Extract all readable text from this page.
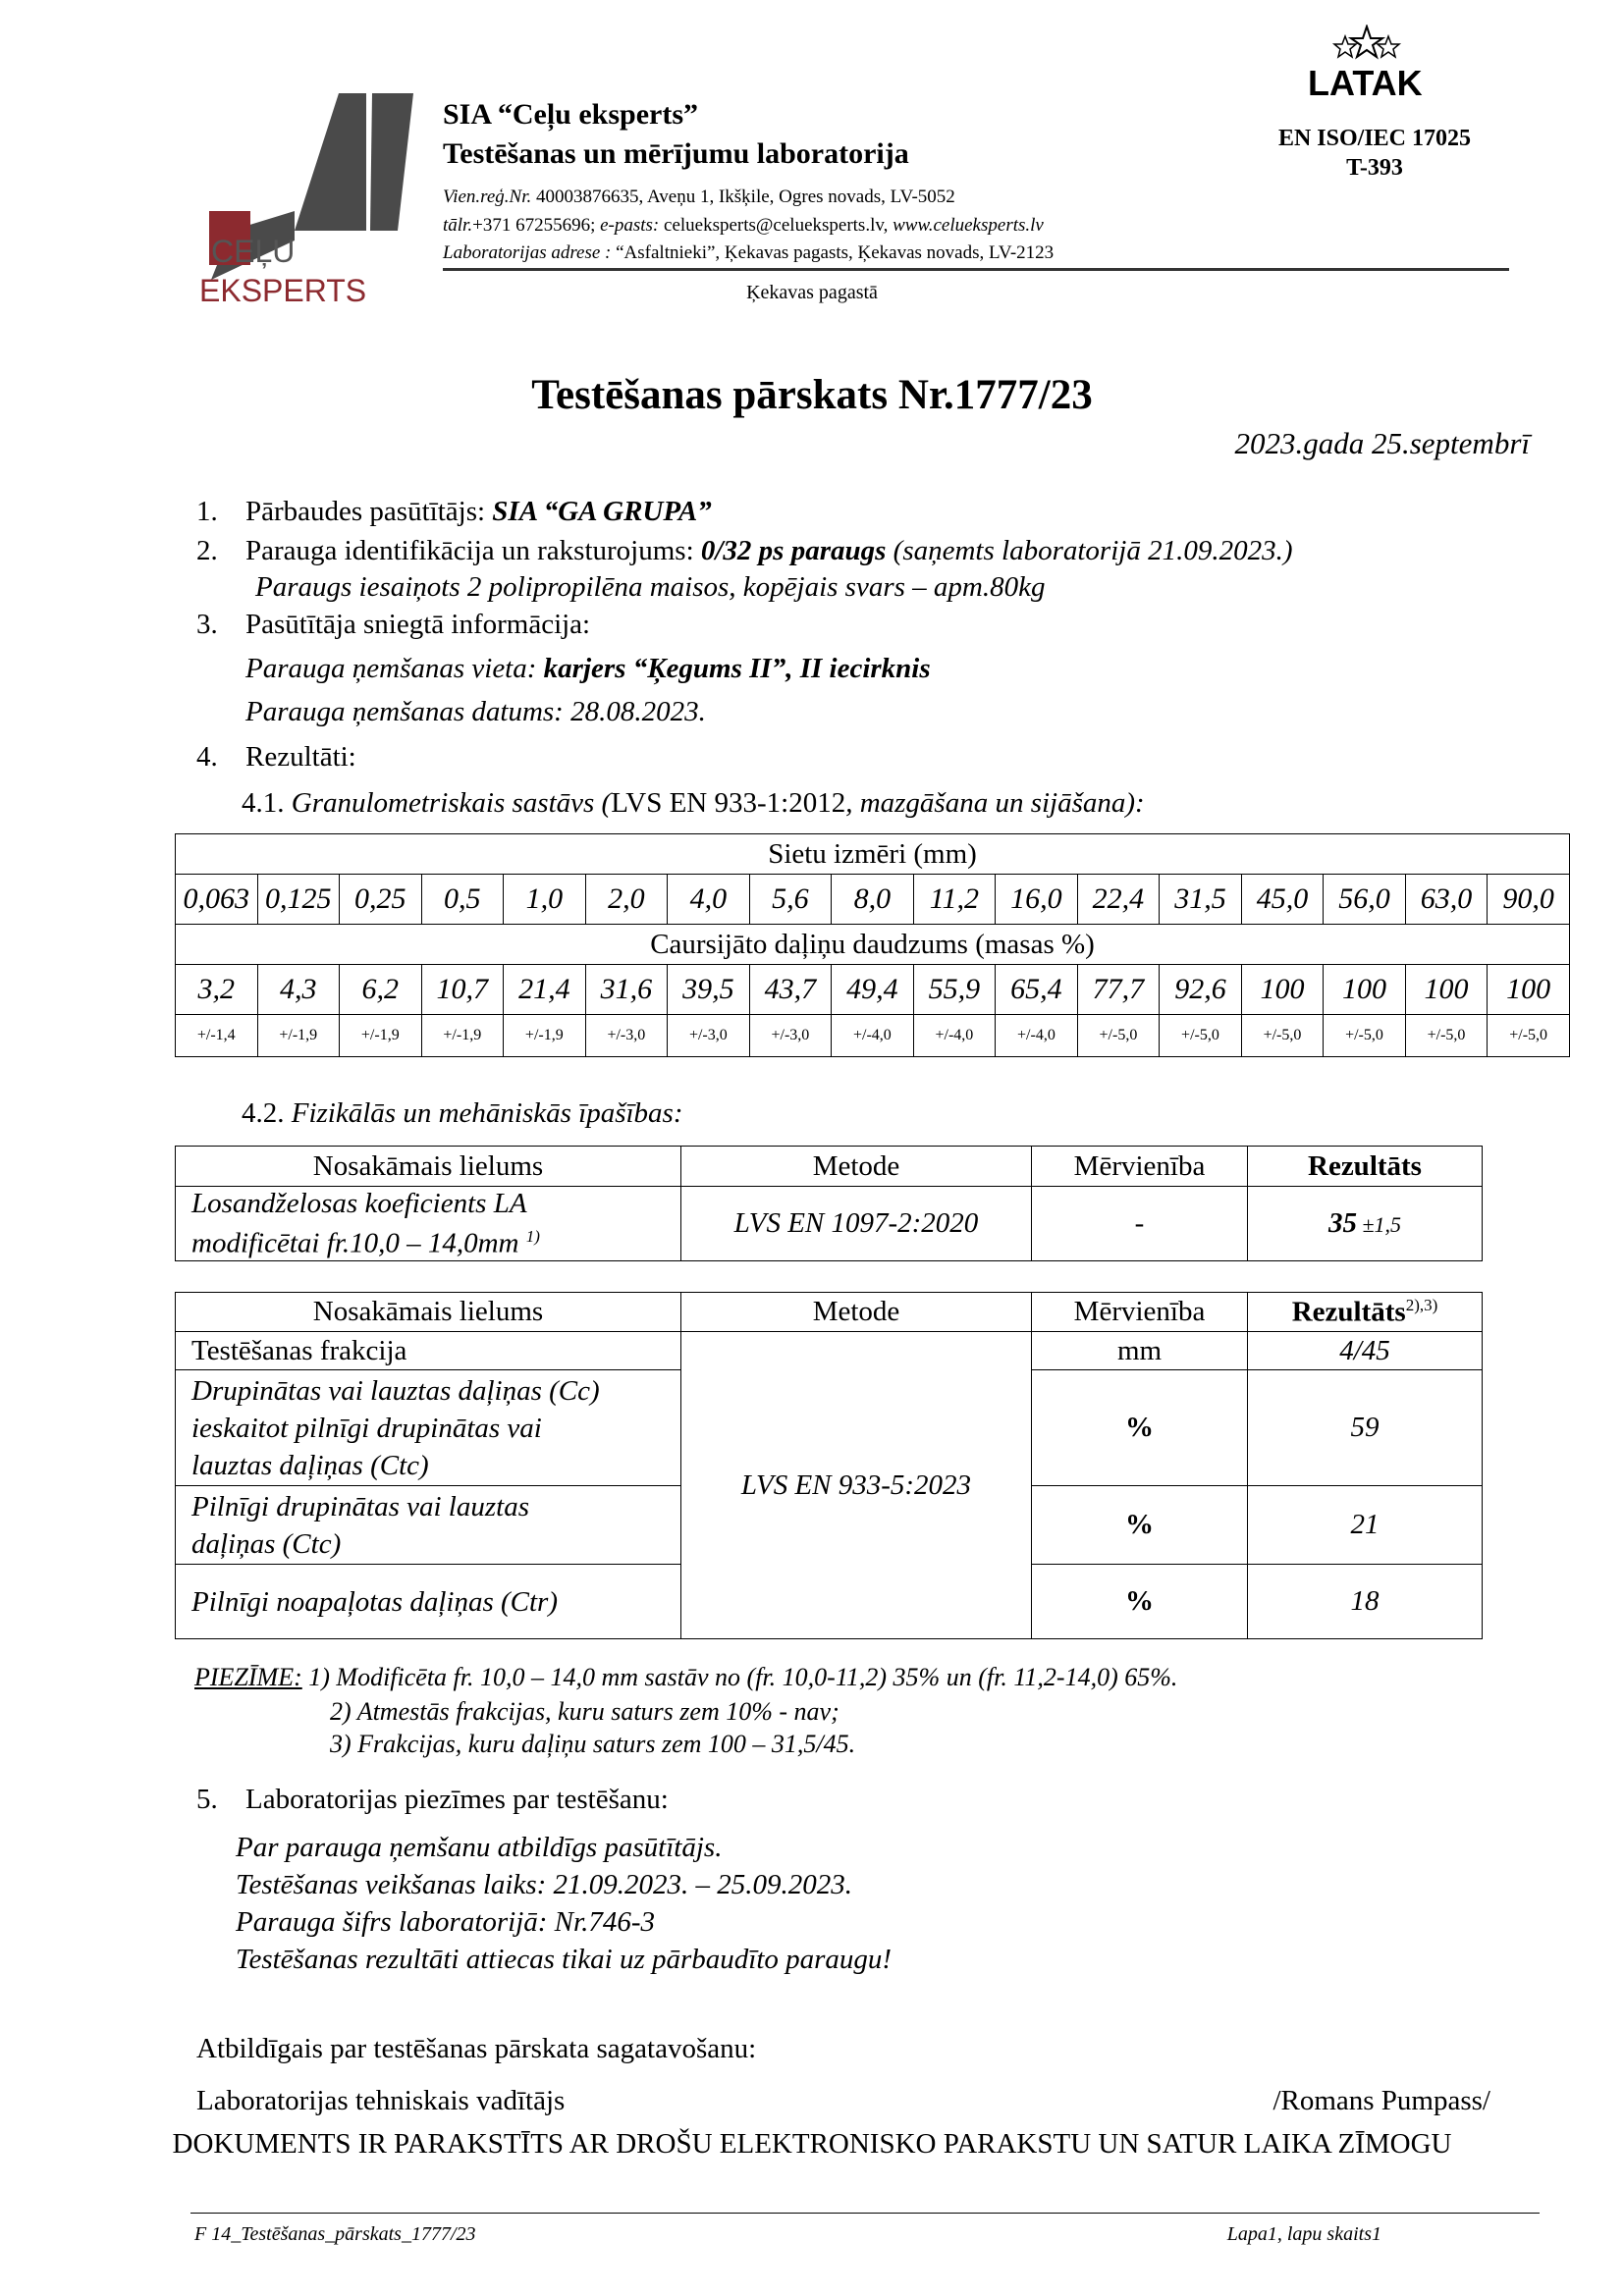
CEĻU
EKSPERTS
SIA “Ceļu eksperts”
Testēšanas un mērījumu laboratorija
Vien.reģ.Nr. 40003876635, Aveņu 1, Ikšķile, Ogres novads, LV-5052
tālr.+371 67255696; e-pasts: celueksperts@celueksperts.lv, www.celueksperts.lv
Laboratorijas adrese : “Asfaltnieki”, Ķekavas pagasts, Ķekavas novads, LV-2123
Ķekavas pagastā
LATAK
EN ISO/IEC 17025
T-393
Testēšanas pārskats Nr.1777/23
2023.gada 25.septembrī
1. Pārbaudes pasūtītājs: SIA “GA GRUPA”
2. Parauga identifikācija un raksturojums: 0/32 ps paraugs (saņemts laboratorijā 21.09.2023.)
Paraugs iesaiņots 2 polipropilēna maisos, kopējais svars – apm.80kg
3. Pasūtītāja sniegtā informācija:
Parauga ņemšanas vieta: karjers “Ķegums II”, II iecirknis
Parauga ņemšanas datums: 28.08.2023.
4. Rezultāti:
4.1. Granulometriskais sastāvs (LVS EN 933-1:2012, mazgāšana un sijāšana):
Sietu izmēri (mm)																
0,063	0,125	0,25	0,5	1,0	2,0	4,0	5,6	8,0	11,2	16,0	22,4	31,5	45,0	56,0	63,0	90,0
Caursijāto daļiņu daudzums (masas %)																
3,2	4,3	6,2	10,7	21,4	31,6	39,5	43,7	49,4	55,9	65,4	77,7	92,6	100	100	100	100
+/-1,4	+/-1,9	+/-1,9	+/-1,9	+/-1,9	+/-3,0	+/-3,0	+/-3,0	+/-4,0	+/-4,0	+/-4,0	+/-5,0	+/-5,0	+/-5,0	+/-5,0	+/-5,0	+/-5,0
4.2. Fizikālās un mehāniskās īpašības:
Nosakāmais lielums	Metode	Mērvienība	Rezultāts
Losandželosas koeficients LA
modificētai fr.10,0 – 14,0mm $^{1)}$	LVS EN 1097-2:2020	-	35 ±1,5
Nosakāmais lielums	Metode	Mērvienība	Rezultāts$^{2),3)}$
Testēšanas frakcija	LVS EN 933-5:2023	mm	4/45
Drupinātas vai lauztas daļiņas (Cc)
ieskaitot pilnīgi drupinātas vai
lauztas daļiņas (Ctc)		%	59
Pilnīgi drupinātas vai lauztas
daļiņas (Ctc)		%	21
Pilnīgi noapaļotas daļiņas (Ctr)		%	18
PIEZĪME: 1) Modificēta fr. 10,0 – 14,0 mm sastāv no (fr. 10,0-11,2) 35% un (fr. 11,2-14,0) 65%.
2) Atmestās frakcijas, kuru saturs zem 10% - nav;
3) Frakcijas, kuru daļiņu saturs zem 100 – 31,5/45.
5. Laboratorijas piezīmes par testēšanu:
Par parauga ņemšanu atbildīgs pasūtītājs.
Testēšanas veikšanas laiks: 21.09.2023. – 25.09.2023.
Parauga šifrs laboratorijā: Nr.746-3
Testēšanas rezultāti attiecas tikai uz pārbaudīto paraugu!
Atbildīgais par testēšanas pārskata sagatavošanu:
Laboratorijas tehniskais vadītājs	/Romans Pumpass/
DOKUMENTS IR PARAKSTĪTS AR DROŠU ELEKTRONISKO PARAKSTU UN SATUR LAIKA ZĪMOGU
F 14_Testēšanas_pārskats_1777/23	Lapa1, lapu skaits1
